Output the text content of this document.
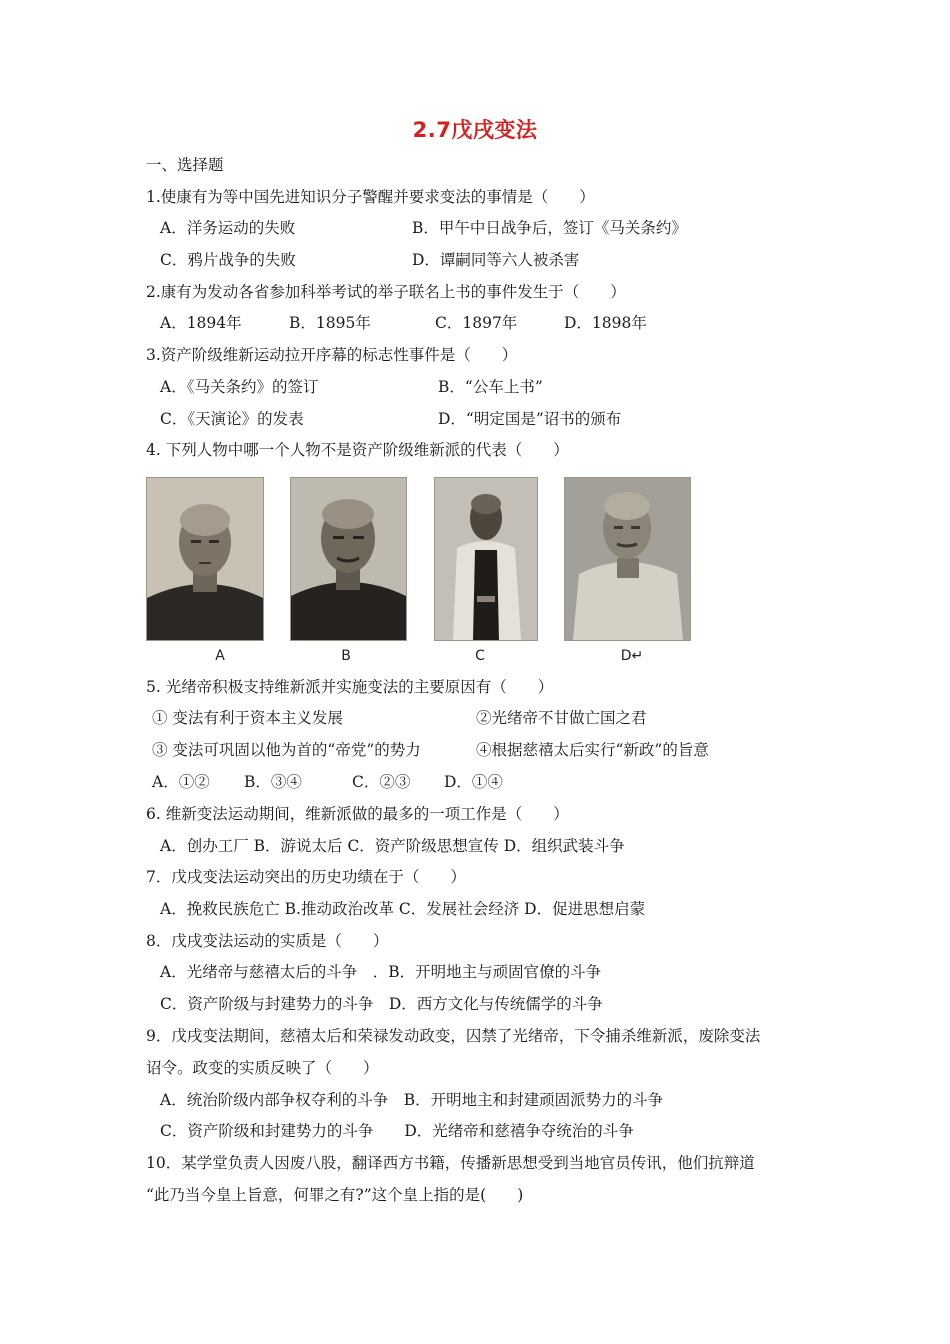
2.7戊戌变法
一、选择题
1.使康有为等中国先进知识分子警醒并要求变法的事情是（　　）
A．洋务运动的失败	B．甲午中日战争后，签订《马关条约》
C．鸦片战争的失败	D．谭嗣同等六人被杀害
2.康有为发动各省参加科举考试的举子联名上书的事件发生于（　　）
A．1894年	B．1895年	C．1897年	D．1898年
3.资产阶级维新运动拉开序幕的标志性事件是（　　）
A．《马关条约》的签订	B．“公车上书”
C．《天演论》的发表	D．“明定国是”诏书的颁布
4. 下列人物中哪一个人物不是资产阶级维新派的代表（　　）
A	B	C	D↵
5. 光绪帝积极支持维新派并实施变法的主要原因有（　　）
① 变法有利于资本主义发展	②光绪帝不甘做亡国之君
③ 变法可巩固以他为首的“帝党”的势力	④根据慈禧太后实行“新政”的旨意
A．①② B．③④	C．②③ D．①④
6. 维新变法运动期间，维新派做的最多的一项工作是（　　）
A．创办工厂 B．游说太后 C．资产阶级思想宣传 D．组织武装斗争
7．戊戌变法运动突出的历史功绩在于（　　）
A．挽救民族危亡 B.推动政治改革 C．发展社会经济 D．促进思想启蒙
8．戊戌变法运动的实质是（　　）
A．光绪帝与慈禧太后的斗争　．B．开明地主与顽固官僚的斗争
C．资产阶级与封建势力的斗争　D．西方文化与传统儒学的斗争
9．戊戌变法期间，慈禧太后和荣禄发动政变，囚禁了光绪帝，下令捕杀维新派，废除变法
诏令。政变的实质反映了（　　）
A．统治阶级内部争权夺利的斗争　B．开明地主和封建顽固派势力的斗争
C．资产阶级和封建势力的斗争　　D．光绪帝和慈禧争夺统治的斗争
10．某学堂负责人因废八股，翻译西方书籍，传播新思想受到当地官员传讯，他们抗辩道
“此乃当今皇上旨意，何罪之有?”这个皇上指的是(　　)
